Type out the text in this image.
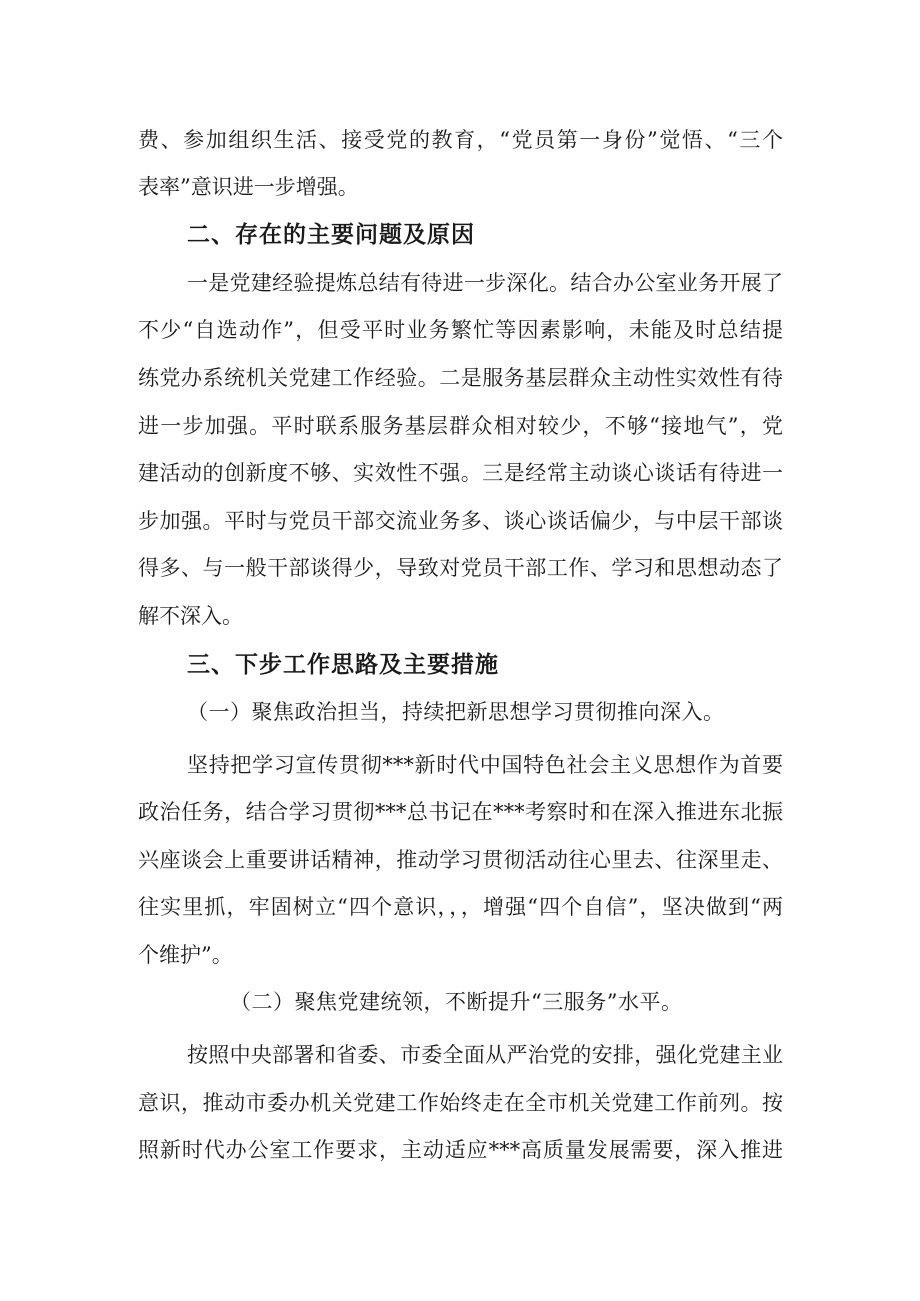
费、参加组织生活、接受党的教育，“党员第一身份”觉悟、“三个
表率”意识进一步增强。
二、存在的主要问题及原因
一是党建经验提炼总结有待进一步深化。结合办公室业务开展了
不少“自选动作”，但受平时业务繁忙等因素影响，未能及时总结提
练党办系统机关党建工作经验。二是服务基层群众主动性实效性有待
进一步加强。平时联系服务基层群众相对较少，不够“接地气”，党
建活动的创新度不够、实效性不强。三是经常主动谈心谈话有待进一
步加强。平时与党员干部交流业务多、谈心谈话偏少，与中层干部谈
得多、与一般干部谈得少，导致对党员干部工作、学习和思想动态了
解不深入。
三、下步工作思路及主要措施
（一）聚焦政治担当，持续把新思想学习贯彻推向深入。
坚持把学习宣传贯彻***新时代中国特色社会主义思想作为首要
政治任务，结合学习贯彻***总书记在***考察时和在深入推进东北振
兴座谈会上重要讲话精神，推动学习贯彻活动往心里去、往深里走、
往实里抓，牢固树立“四个意识，，，增强“四个自信”，坚决做到“两
个维护”。
（二）聚焦党建统领，不断提升“三服务”水平。
按照中央部署和省委、市委全面从严治党的安排，强化党建主业
意识，推动市委办机关党建工作始终走在全市机关党建工作前列。按
照新时代办公室工作要求，主动适应***高质量发展需要，深入推进
